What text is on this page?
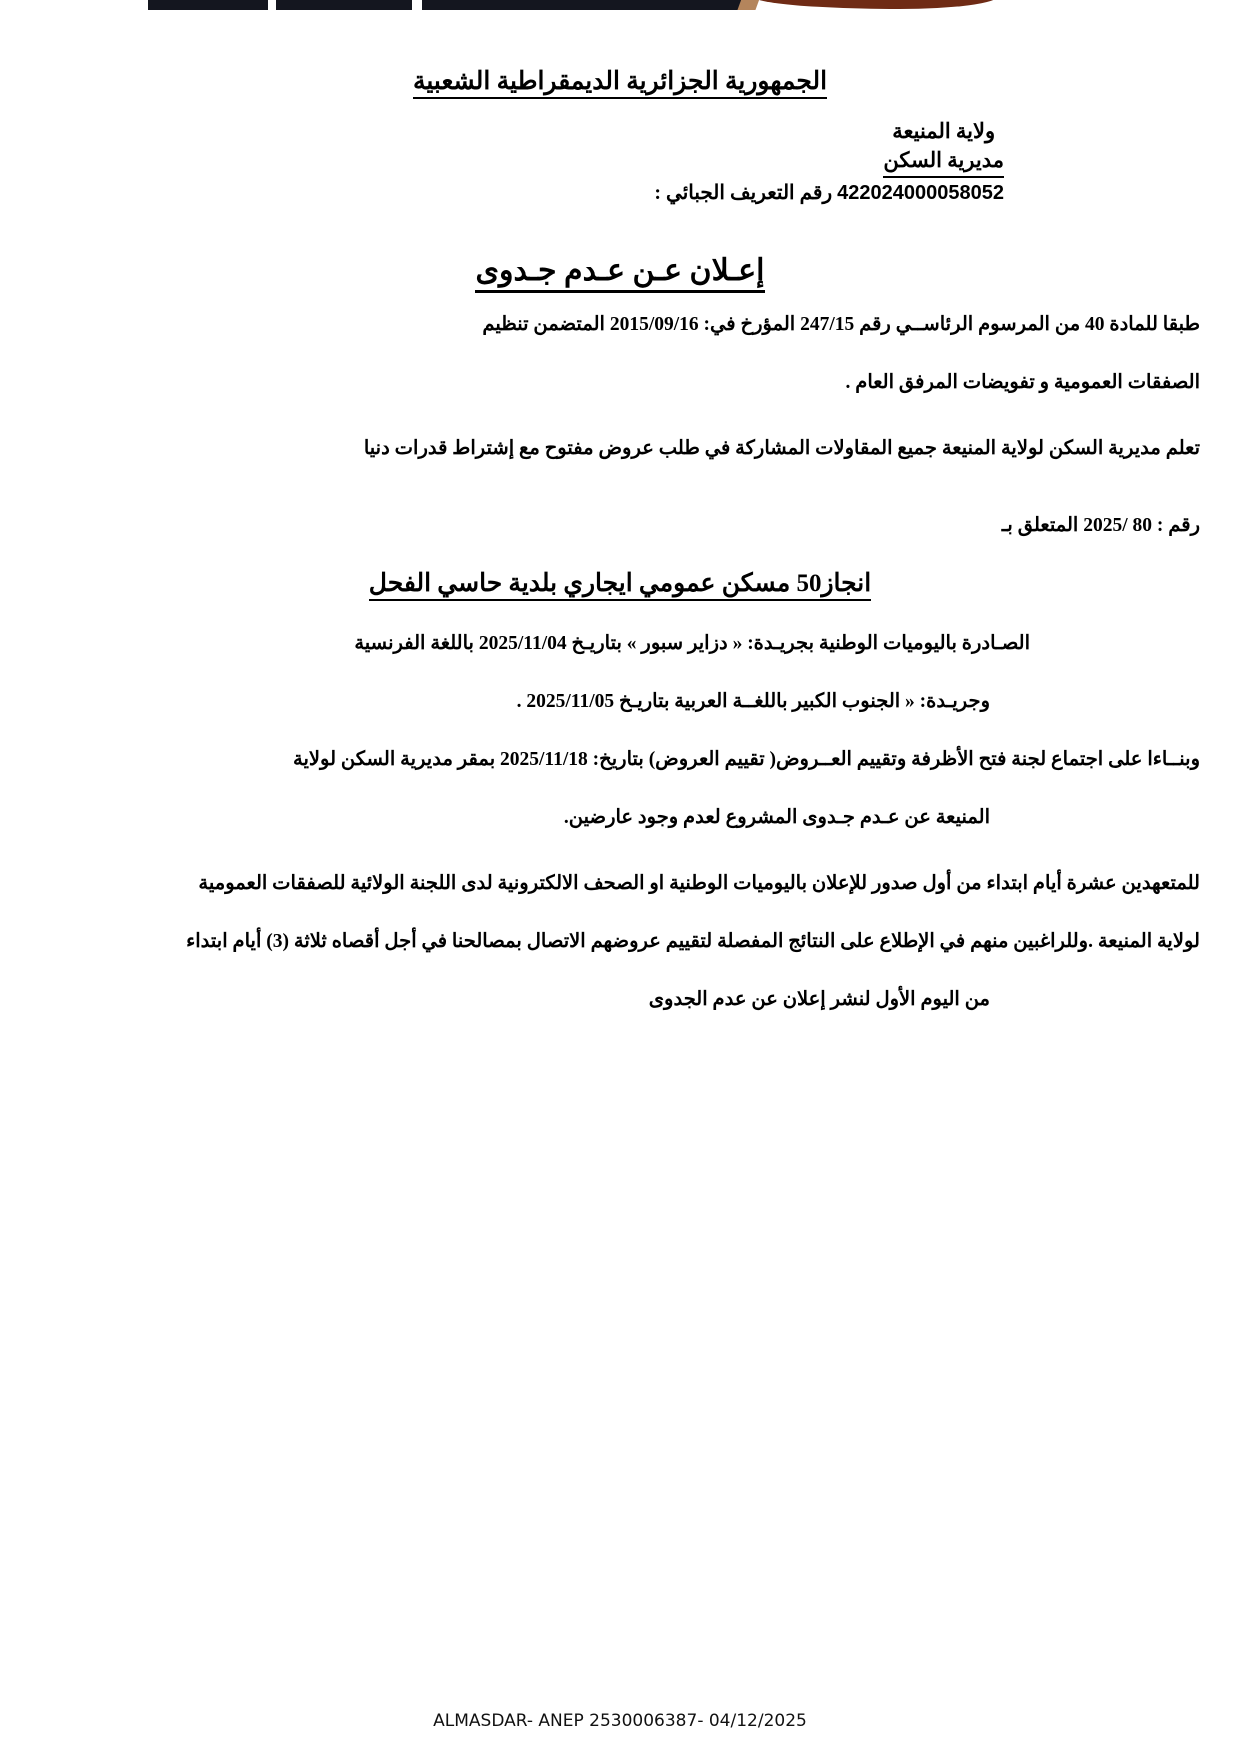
الجمهورية الجزائرية الديمقراطية الشعبية
ولاية المنيعة
مديرية السكن
422024000058052 رقم التعريف الجبائي :
إعـلان عـن عـدم جـدوى

طبقا للمادة 40 من المرسوم الرئاســي رقم 247/15 المؤرخ في: 2015/09/16 المتضمن تنظيم

الصفقات العمومية و تفويضات المرفق العام .

تعلم مديرية السكن لولاية المنيعة جميع المقاولات المشاركة في طلب عروض مفتوح مع إشتراط قدرات دنيا

رقم : 80 /2025 المتعلق بـ

انجاز50 مسكن عمومي ايجاري بلدية حاسي الفحل

الصـادرة باليوميات الوطنية بجريـدة: « دزاير سبور » بتاريـخ 2025/11/04 باللغة الفرنسية

وجريـدة: « الجنوب الكبير باللغــة العربية بتاريـخ 2025/11/05 .

وبنــاءا على اجتماع لجنة فتح الأظرفة وتقييم العــروض( تقييم العروض) بتاريخ: 2025/11/18 بمقر مديرية السكن لولاية

المنيعة عن عـدم جـدوى المشروع لعدم وجود عارضين.

للمتعهدين عشرة أيام ابتداء من أول صدور للإعلان باليوميات الوطنية او الصحف الالكترونية لدى اللجنة الولائية للصفقات العمومية

لولاية المنيعة .وللراغبين منهم في الإطلاع على النتائج المفصلة لتقييم عروضهم الاتصال بمصالحنا في أجل أقصاه ثلاثة (3) أيام ابتداء

من اليوم الأول لنشر إعلان عن عدم الجدوى

ALMASDAR- ANEP 2530006387- 04/12/2025
